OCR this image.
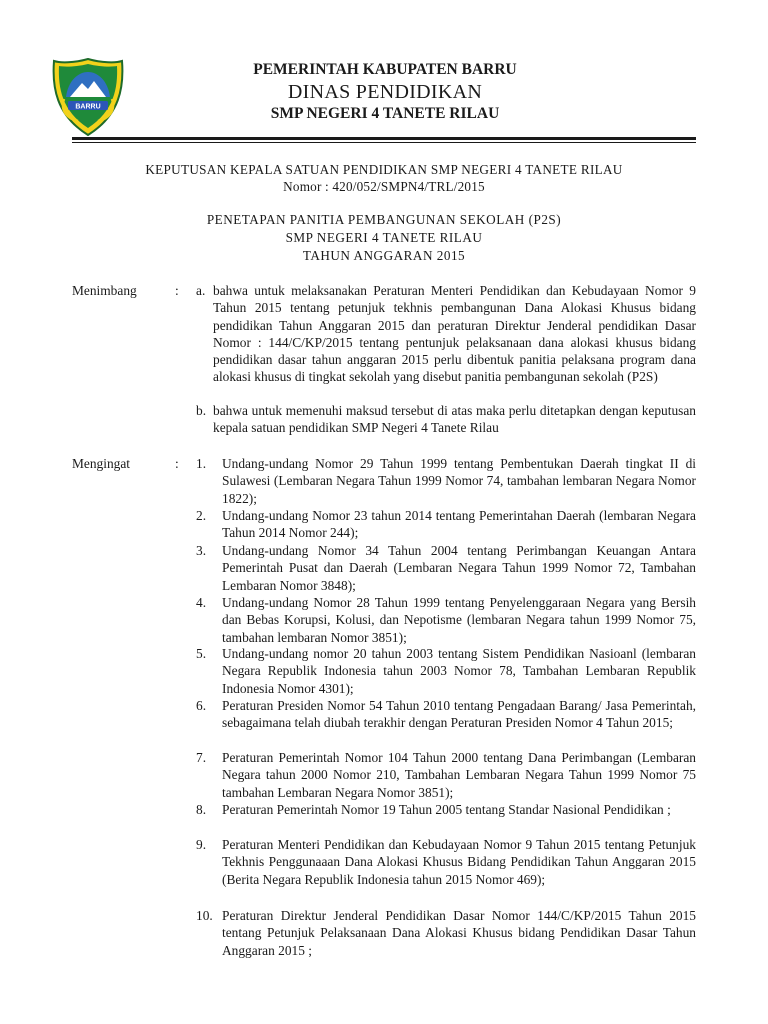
BARRU
PEMERINTAH KABUPATEN BARRU
DINAS PENDIDIKAN
SMP NEGERI 4 TANETE RILAU
KEPUTUSAN KEPALA SATUAN PENDIDIKAN SMP NEGERI 4 TANETE RILAU
Nomor : 420/052/SMPN4/TRL/2015
PENETAPAN PANITIA PEMBANGUNAN SEKOLAH (P2S)
SMP NEGERI 4 TANETE RILAU
TAHUN ANGGARAN 2015
Menimbang	: a. bahwa untuk melaksanakan Peraturan Menteri Pendidikan dan Kebudayaan Nomor 9 Tahun 2015 tentang petunjuk tekhnis pembangunan Dana Alokasi Khusus bidang pendidikan Tahun Anggaran 2015 dan peraturan Direktur Jenderal pendidikan Dasar Nomor : 144/C/KP/2015 tentang pentunjuk pelaksanaan dana alokasi khusus bidang pendidikan dasar tahun anggaran 2015 perlu dibentuk panitia pelaksana program dana alokasi khusus di tingkat sekolah yang disebut panitia pembangunan sekolah (P2S)
b. bahwa untuk memenuhi maksud tersebut di atas maka perlu ditetapkan dengan keputusan kepala satuan pendidikan SMP Negeri 4 Tanete Rilau
Mengingat	: 1. Undang-undang Nomor 29 Tahun 1999 tentang Pembentukan Daerah tingkat II di Sulawesi (Lembaran Negara Tahun 1999 Nomor 74, tambahan lembaran Negara Nomor 1822);
2. Undang-undang Nomor 23 tahun 2014 tentang Pemerintahan Daerah (lembaran Negara Tahun 2014 Nomor 244);
3. Undang-undang Nomor 34 Tahun 2004 tentang Perimbangan Keuangan Antara Pemerintah Pusat dan Daerah (Lembaran Negara Tahun 1999 Nomor 72, Tambahan Lembaran Nomor 3848);
4. Undang-undang Nomor 28 Tahun 1999 tentang Penyelenggaraan Negara yang Bersih dan Bebas Korupsi, Kolusi, dan Nepotisme (lembaran Negara tahun 1999 Nomor 75, tambahan lembaran Nomor 3851);
5. Undang-undang nomor 20 tahun 2003 tentang Sistem Pendidikan Nasioanl (lembaran Negara Republik Indonesia tahun 2003 Nomor 78, Tambahan Lembaran Republik Indonesia Nomor 4301);
6. Peraturan Presiden Nomor 54 Tahun 2010 tentang Pengadaan Barang/ Jasa Pemerintah, sebagaimana telah diubah terakhir dengan Peraturan Presiden Nomor 4 Tahun 2015;
7. Peraturan Pemerintah Nomor 104 Tahun 2000 tentang Dana Perimbangan (Lembaran Negara tahun 2000 Nomor 210, Tambahan Lembaran Negara Tahun 1999 Nomor 75 tambahan Lembaran Negara Nomor 3851);
8. Peraturan Pemerintah Nomor 19 Tahun 2005 tentang Standar Nasional Pendidikan ;
9. Peraturan Menteri Pendidikan dan Kebudayaan Nomor 9 Tahun 2015 tentang Petunjuk Tekhnis Penggunaaan Dana Alokasi Khusus Bidang Pendidikan Tahun Anggaran 2015 (Berita Negara Republik Indonesia tahun 2015 Nomor 469);
10. Peraturan Direktur Jenderal Pendidikan Dasar Nomor 144/C/KP/2015 Tahun 2015 tentang Petunjuk Pelaksanaan Dana Alokasi Khusus bidang Pendidikan Dasar Tahun Anggaran 2015 ;
